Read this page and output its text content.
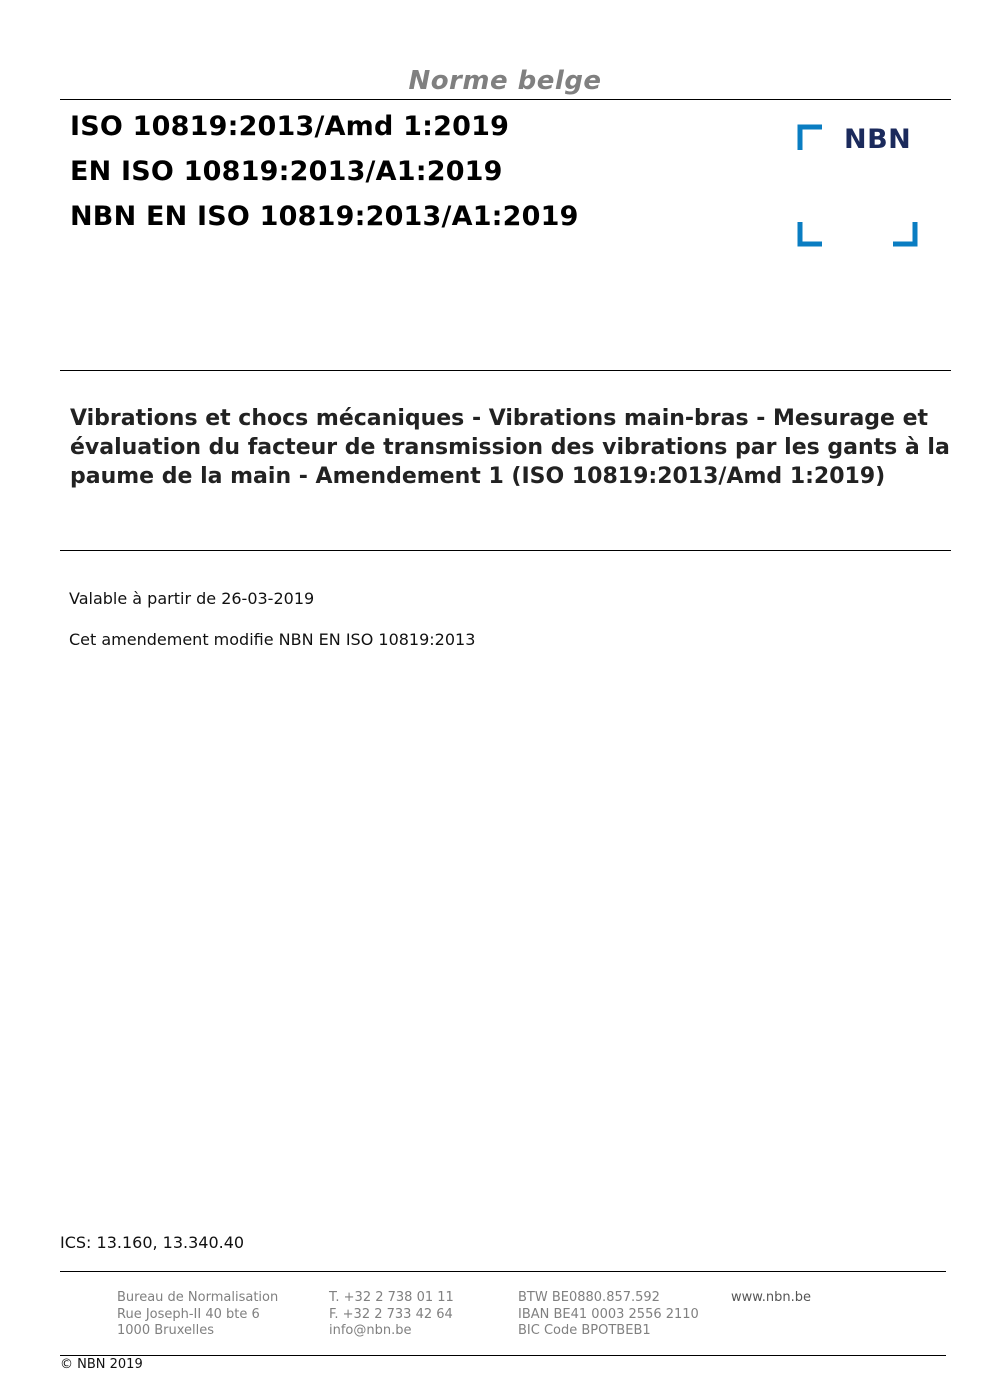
Norme belge
ISO 10819:2013/Amd 1:2019
EN ISO 10819:2013/A1:2019
NBN EN ISO 10819:2013/A1:2019
NBN
Vibrations et chocs mécaniques - Vibrations main-bras - Mesurage et évaluation du facteur de transmission des vibrations par les gants à la paume de la main - Amendement 1 (ISO 10819:2013/Amd 1:2019)
Valable à partir de 26-03-2019
Cet amendement modifie NBN EN ISO 10819:2013
ICS: 13.160, 13.340.40
Bureau de Normalisation
Rue Joseph-II 40 bte 6
1000 Bruxelles
T. +32 2 738 01 11
F. +32 2 733 42 64
info@nbn.be
BTW BE0880.857.592
IBAN BE41 0003 2556 2110
BIC Code BPOTBEB1
www.nbn.be
© NBN 2019
